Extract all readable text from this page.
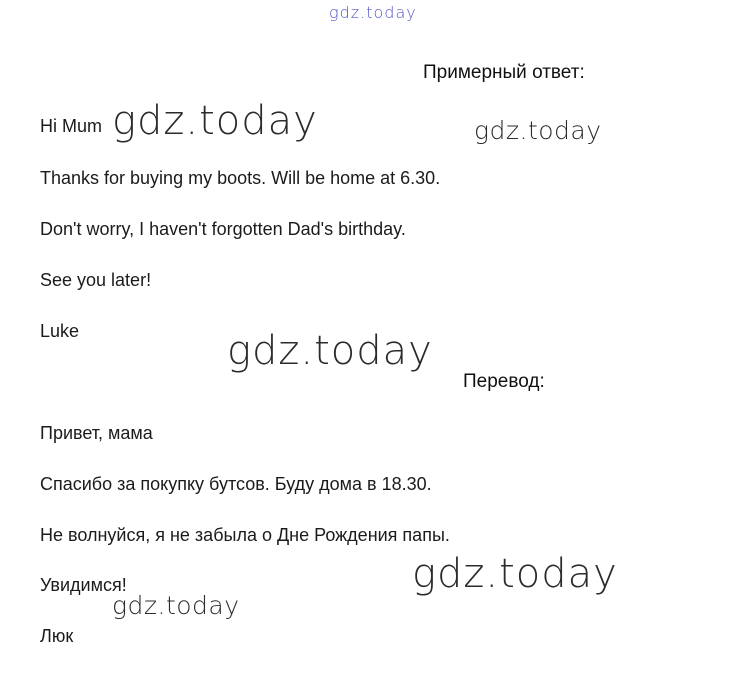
gdz.today
Примерный ответ:
Hi Mum gdz.today	gdz.today
Thanks for buying my boots. Will be home at 6.30.
Don't worry, I haven't forgotten Dad's birthday.
See you later!
Luke	gdz.today
Перевод:
Привет, мама
Спасибо за покупку бутсов. Буду дома в 18.30.
Не волнуйся, я не забыла о Дне Рождения папы.
Увидимся!	gdz.today
gdz.today
Люк
